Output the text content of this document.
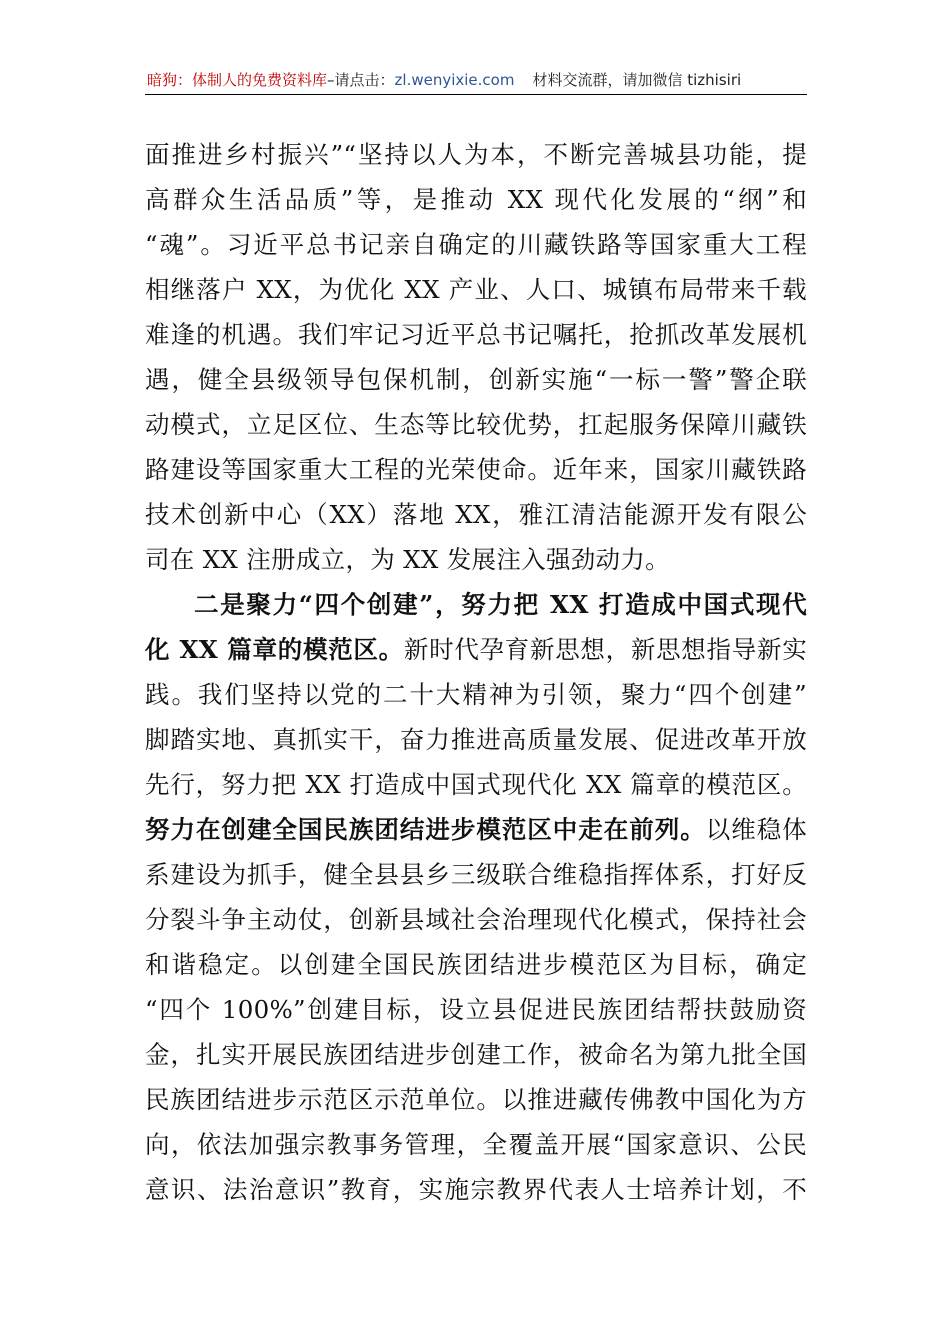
暗狗：体制人的免费资料库–请点击：zl.wenyixie.com 材料交流群，请加微信 tizhisiri
面推进乡村振兴”“坚持以人为本，不断完善城县功能，提
高群众生活品质”等，是推动 XX 现代化发展的“纲”和
“魂”。习近平总书记亲自确定的川藏铁路等国家重大工程
相继落户 XX，为优化 XX 产业、人口、城镇布局带来千载
难逢的机遇。我们牢记习近平总书记嘱托，抢抓改革发展机
遇，健全县级领导包保机制，创新实施“一标一警”警企联
动模式，立足区位、生态等比较优势，扛起服务保障川藏铁
路建设等国家重大工程的光荣使命。近年来，国家川藏铁路
技术创新中心（XX）落地 XX，雅江清洁能源开发有限公
司在 XX 注册成立，为 XX 发展注入强劲动力。
二是聚力“四个创建”，努力把 XX 打造成中国式现代
化 XX 篇章的模范区。新时代孕育新思想，新思想指导新实
践。我们坚持以党的二十大精神为引领，聚力“四个创建”
脚踏实地、真抓实干，奋力推进高质量发展、促进改革开放
先行，努力把 XX 打造成中国式现代化 XX 篇章的模范区。
努力在创建全国民族团结进步模范区中走在前列。以维稳体
系建设为抓手，健全县县乡三级联合维稳指挥体系，打好反
分裂斗争主动仗，创新县域社会治理现代化模式，保持社会
和谐稳定。以创建全国民族团结进步模范区为目标，确定
“四个 100%”创建目标，设立县促进民族团结帮扶鼓励资
金，扎实开展民族团结进步创建工作，被命名为第九批全国
民族团结进步示范区示范单位。以推进藏传佛教中国化为方
向，依法加强宗教事务管理，全覆盖开展“国家意识、公民
意识、法治意识”教育，实施宗教界代表人士培养计划，不
